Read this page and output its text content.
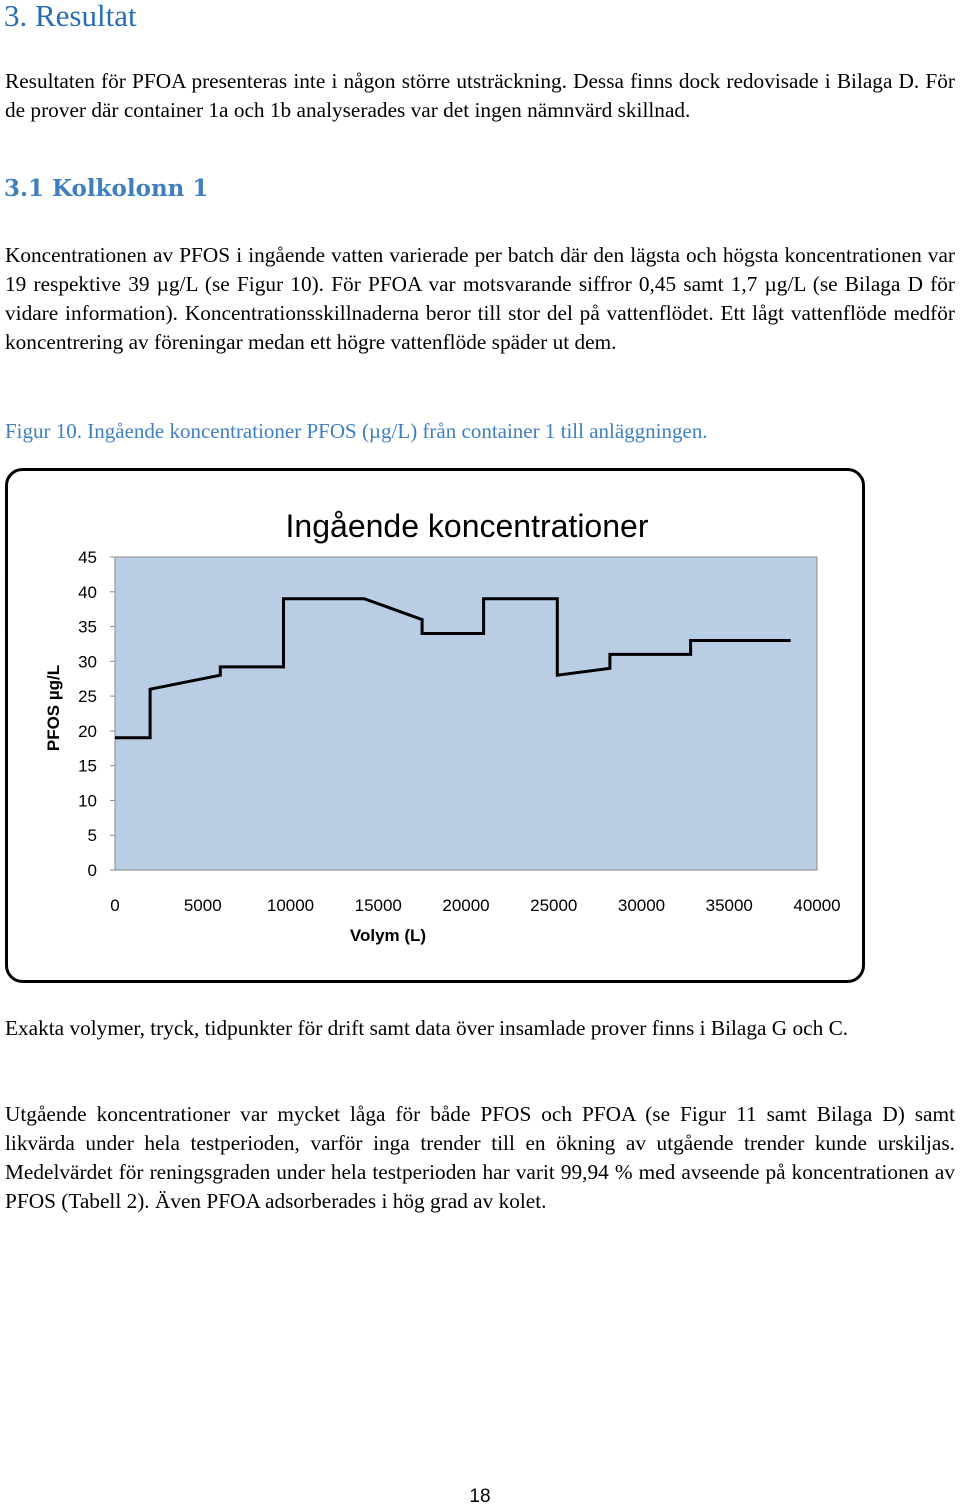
3. Resultat

Resultaten för PFOA presenteras inte i någon större utsträckning. Dessa finns dock redovisade i Bilaga D. För de prover där container 1a och 1b analyserades var det ingen nämnvärd skillnad.

3.1 Kolkolonn 1

Koncentrationen av PFOS i ingående vatten varierade per batch där den lägsta och högsta koncentrationen var 19 respektive 39 µg/L (se Figur 10). För PFOA var motsvarande siffror 0,45 samt 1,7 µg/L (se Bilaga D för vidare information). Koncentrationsskillnaderna beror till stor del på vattenflödet. Ett lågt vattenflöde medför koncentrering av föreningar medan ett högre vattenflöde späder ut dem.

Figur 10. Ingående koncentrationer PFOS (µg/L) från container 1 till anläggningen.

Ingående koncentrationer
0
5
10
15
20
25
30
35
40
45
0	5000	10000 15000 20000 25000 30000 35000 40000
Volym (L)
PFOS µg/L

Exakta volymer, tryck, tidpunkter för drift samt data över insamlade prover finns i Bilaga G och C.

Utgående koncentrationer var mycket låga för både PFOS och PFOA (se Figur 11 samt Bilaga D) samt likvärda under hela testperioden, varför inga trender till en ökning av utgående trender kunde urskiljas. Medelvärdet för reningsgraden under hela testperioden har varit 99,94 % med avseende på koncentrationen av PFOS (Tabell 2). Även PFOA adsorberades i hög grad av kolet.

18
